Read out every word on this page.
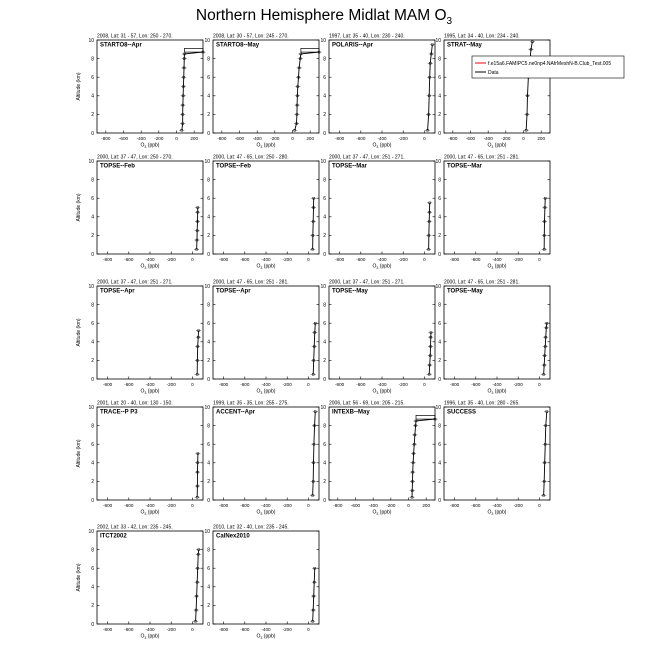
Northern Hemisphere Midlat MAM $O_3$
2008, Lat: 31 - 57, Lon: 250 - 270.
STARTO8--Apr
0
2
4
6
8
10
-800 -600 -400 -200	0	200
$O_3$ (ppb)
Altitude (km)
2008, Lat: 30 - 57, Lon: 245 - 270.
STARTO8--May
0
2
4
6
8
10
-800 -600 -400 -200	0	200
$O_3$ (ppb)
1997, Lat: 35 - 40, Lon: 230 - 240.
POLARIS--Apr
0
2
4
6
8
10
-800	-600	-400	-200	0
$O_3$ (ppb)
1995, Lat: 34 - 40, Lon: 234 - 240.
STRAT--May
0
2
4
6
8
10
-800 -600 -400 -200	0	200
$O_3$ (ppb)
2000, Lat: 37 - 47, Lon: 250 - 270.
TOPSE--Feb
0
2
4
6
8
10
-800	-600	-400	-200	0
$O_3$ (ppb)
Altitude (km)
2000, Lat: 47 - 65, Lon: 250 - 280.
TOPSE--Feb
0
2
4
6
8
10
-800	-600	-400	-200	0
$O_3$ (ppb)
2000, Lat: 37 - 47, Lon: 251 - 271.
TOPSE--Mar
0
2
4
6
8
10
-800	-600	-400	-200	0
$O_3$ (ppb)
2000, Lat: 47 - 65, Lon: 251 - 281.
TOPSE--Mar
0
2
4
6
8
10
-800	-600	-400	-200	0
$O_3$ (ppb)
2000, Lat: 37 - 47, Lon: 251 - 271.
TOPSE--Apr
0
2
4
6
8
10
-800	-600	-400	-200	0
$O_3$ (ppb)
Altitude (km)
2000, Lat: 47 - 65, Lon: 251 - 281.
TOPSE--Apr
0
2
4
6
8
10
-800	-600	-400	-200	0
$O_3$ (ppb)
2000, Lat: 37 - 47, Lon: 251 - 271.
TOPSE--May
0
2
4
6
8
10
-800	-600	-400	-200	0
$O_3$ (ppb)
2000, Lat: 47 - 65, Lon: 251 - 281.
TOPSE--May
0
2
4
6
8
10
-800	-600	-400	-200	0
$O_3$ (ppb)
2001, Lat: 20 - 40, Lon: 130 - 150.
TRACE--P P3
0
2
4
6
8
10
-800	-600	-400	-200	0
$O_3$ (ppb)
Altitude (km)
1999, Lat: 35 - 35, Lon: 255 - 275.
ACCENT--Apr
0
2
4
6
8
10
-800	-600	-400	-200	0
$O_3$ (ppb)
2006, Lat: 56 - 69, Lon: 205 - 215.
INTEXB--May
0
2
4
6
8
10
-800 -600 -400 -200	0	200
$O_3$ (ppb)
1996, Lat: 35 - 40, Lon: 280 - 265.
SUCCESS
0
2
4
6
8
10
-800	-600	-400	-200	0
$O_3$ (ppb)
2002, Lat: 33 - 42, Lon: 235 - 245.
ITCT2002
0
2
4
6
8
10
-800	-600	-400	-200	0
$O_3$ (ppb)
Altitude (km)
2010, Lat: 32 - 40, Lon: 235 - 245.
CalNex2010
0
2
4
6
8
10
-800	-600	-400	-200	0
$O_3$ (ppb)
f.e15a6.FAMIPC5.ne0np4.NAfrMeshN-B.Club_Test.005
Data
